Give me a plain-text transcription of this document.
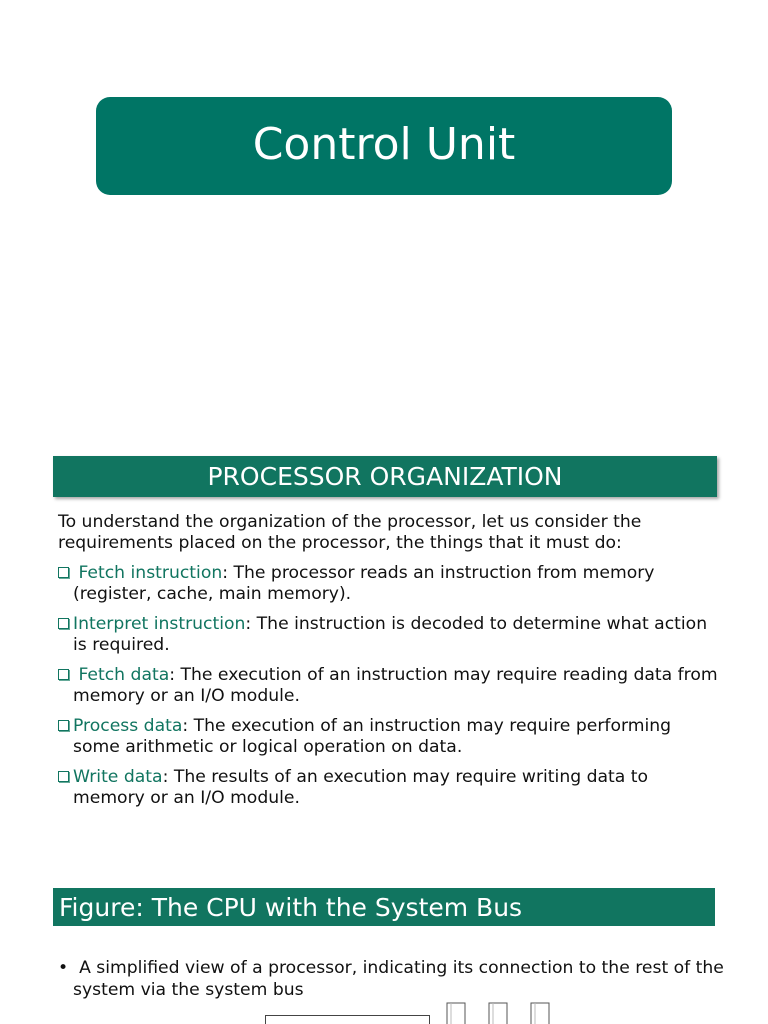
Control Unit
PROCESSOR ORGANIZATION
To understand the organization of the processor, let us consider the requirements placed on the processor, the things that it must do:
Fetch instruction: The processor reads an instruction from memory (register, cache, main memory).
Interpret instruction: The instruction is decoded to determine what action is required.
Fetch data: The execution of an instruction may require reading data from memory or an I/O module.
Process data: The execution of an instruction may require performing some arithmetic or logical operation on data.
Write data: The results of an execution may require writing data to memory or an I/O module.
Figure: The CPU with the System Bus
•  A simplified view of a processor, indicating its connection to the rest of the system via the system bus
